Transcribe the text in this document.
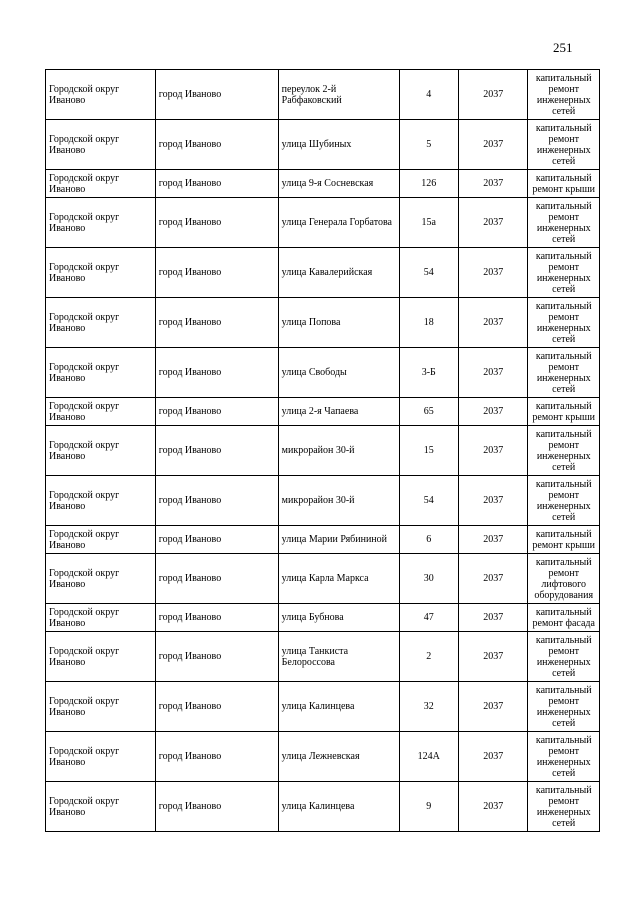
251
Городской округ Иваново	город Иваново	переулок 2-й Рабфаковский	4	2037	капитальный ремонт инженерных сетей
Городской округ Иваново	город Иваново	улица Шубиных	5	2037	капитальный ремонт инженерных сетей
Городской округ Иваново	город Иваново	улица 9-я Сосневская	126	2037	капитальный ремонт крыши
Городской округ Иваново	город Иваново	улица Генерала Горбатова	15а	2037	капитальный ремонт инженерных сетей
Городской округ Иваново	город Иваново	улица Кавалерийская	54	2037	капитальный ремонт инженерных сетей
Городской округ Иваново	город Иваново	улица Попова	18	2037	капитальный ремонт инженерных сетей
Городской округ Иваново	город Иваново	улица Свободы	3-Б	2037	капитальный ремонт инженерных сетей
Городской округ Иваново	город Иваново	улица 2-я Чапаева	65	2037	капитальный ремонт крыши
Городской округ Иваново	город Иваново	микрорайон 30-й	15	2037	капитальный ремонт инженерных сетей
Городской округ Иваново	город Иваново	микрорайон 30-й	54	2037	капитальный ремонт инженерных сетей
Городской округ Иваново	город Иваново	улица Марии Рябининой	6	2037	капитальный ремонт крыши
Городской округ Иваново	город Иваново	улица Карла Маркса	30	2037	капитальный ремонт лифтового оборудования
Городской округ Иваново	город Иваново	улица Бубнова	47	2037	капитальный ремонт фасада
Городской округ Иваново	город Иваново	улица Танкиста Белороссова	2	2037	капитальный ремонт инженерных сетей
Городской округ Иваново	город Иваново	улица Калинцева	32	2037	капитальный ремонт инженерных сетей
Городской округ Иваново	город Иваново	улица Лежневская	124А	2037	капитальный ремонт инженерных сетей
Городской округ Иваново	город Иваново	улица Калинцева	9	2037	капитальный ремонт инженерных сетей
